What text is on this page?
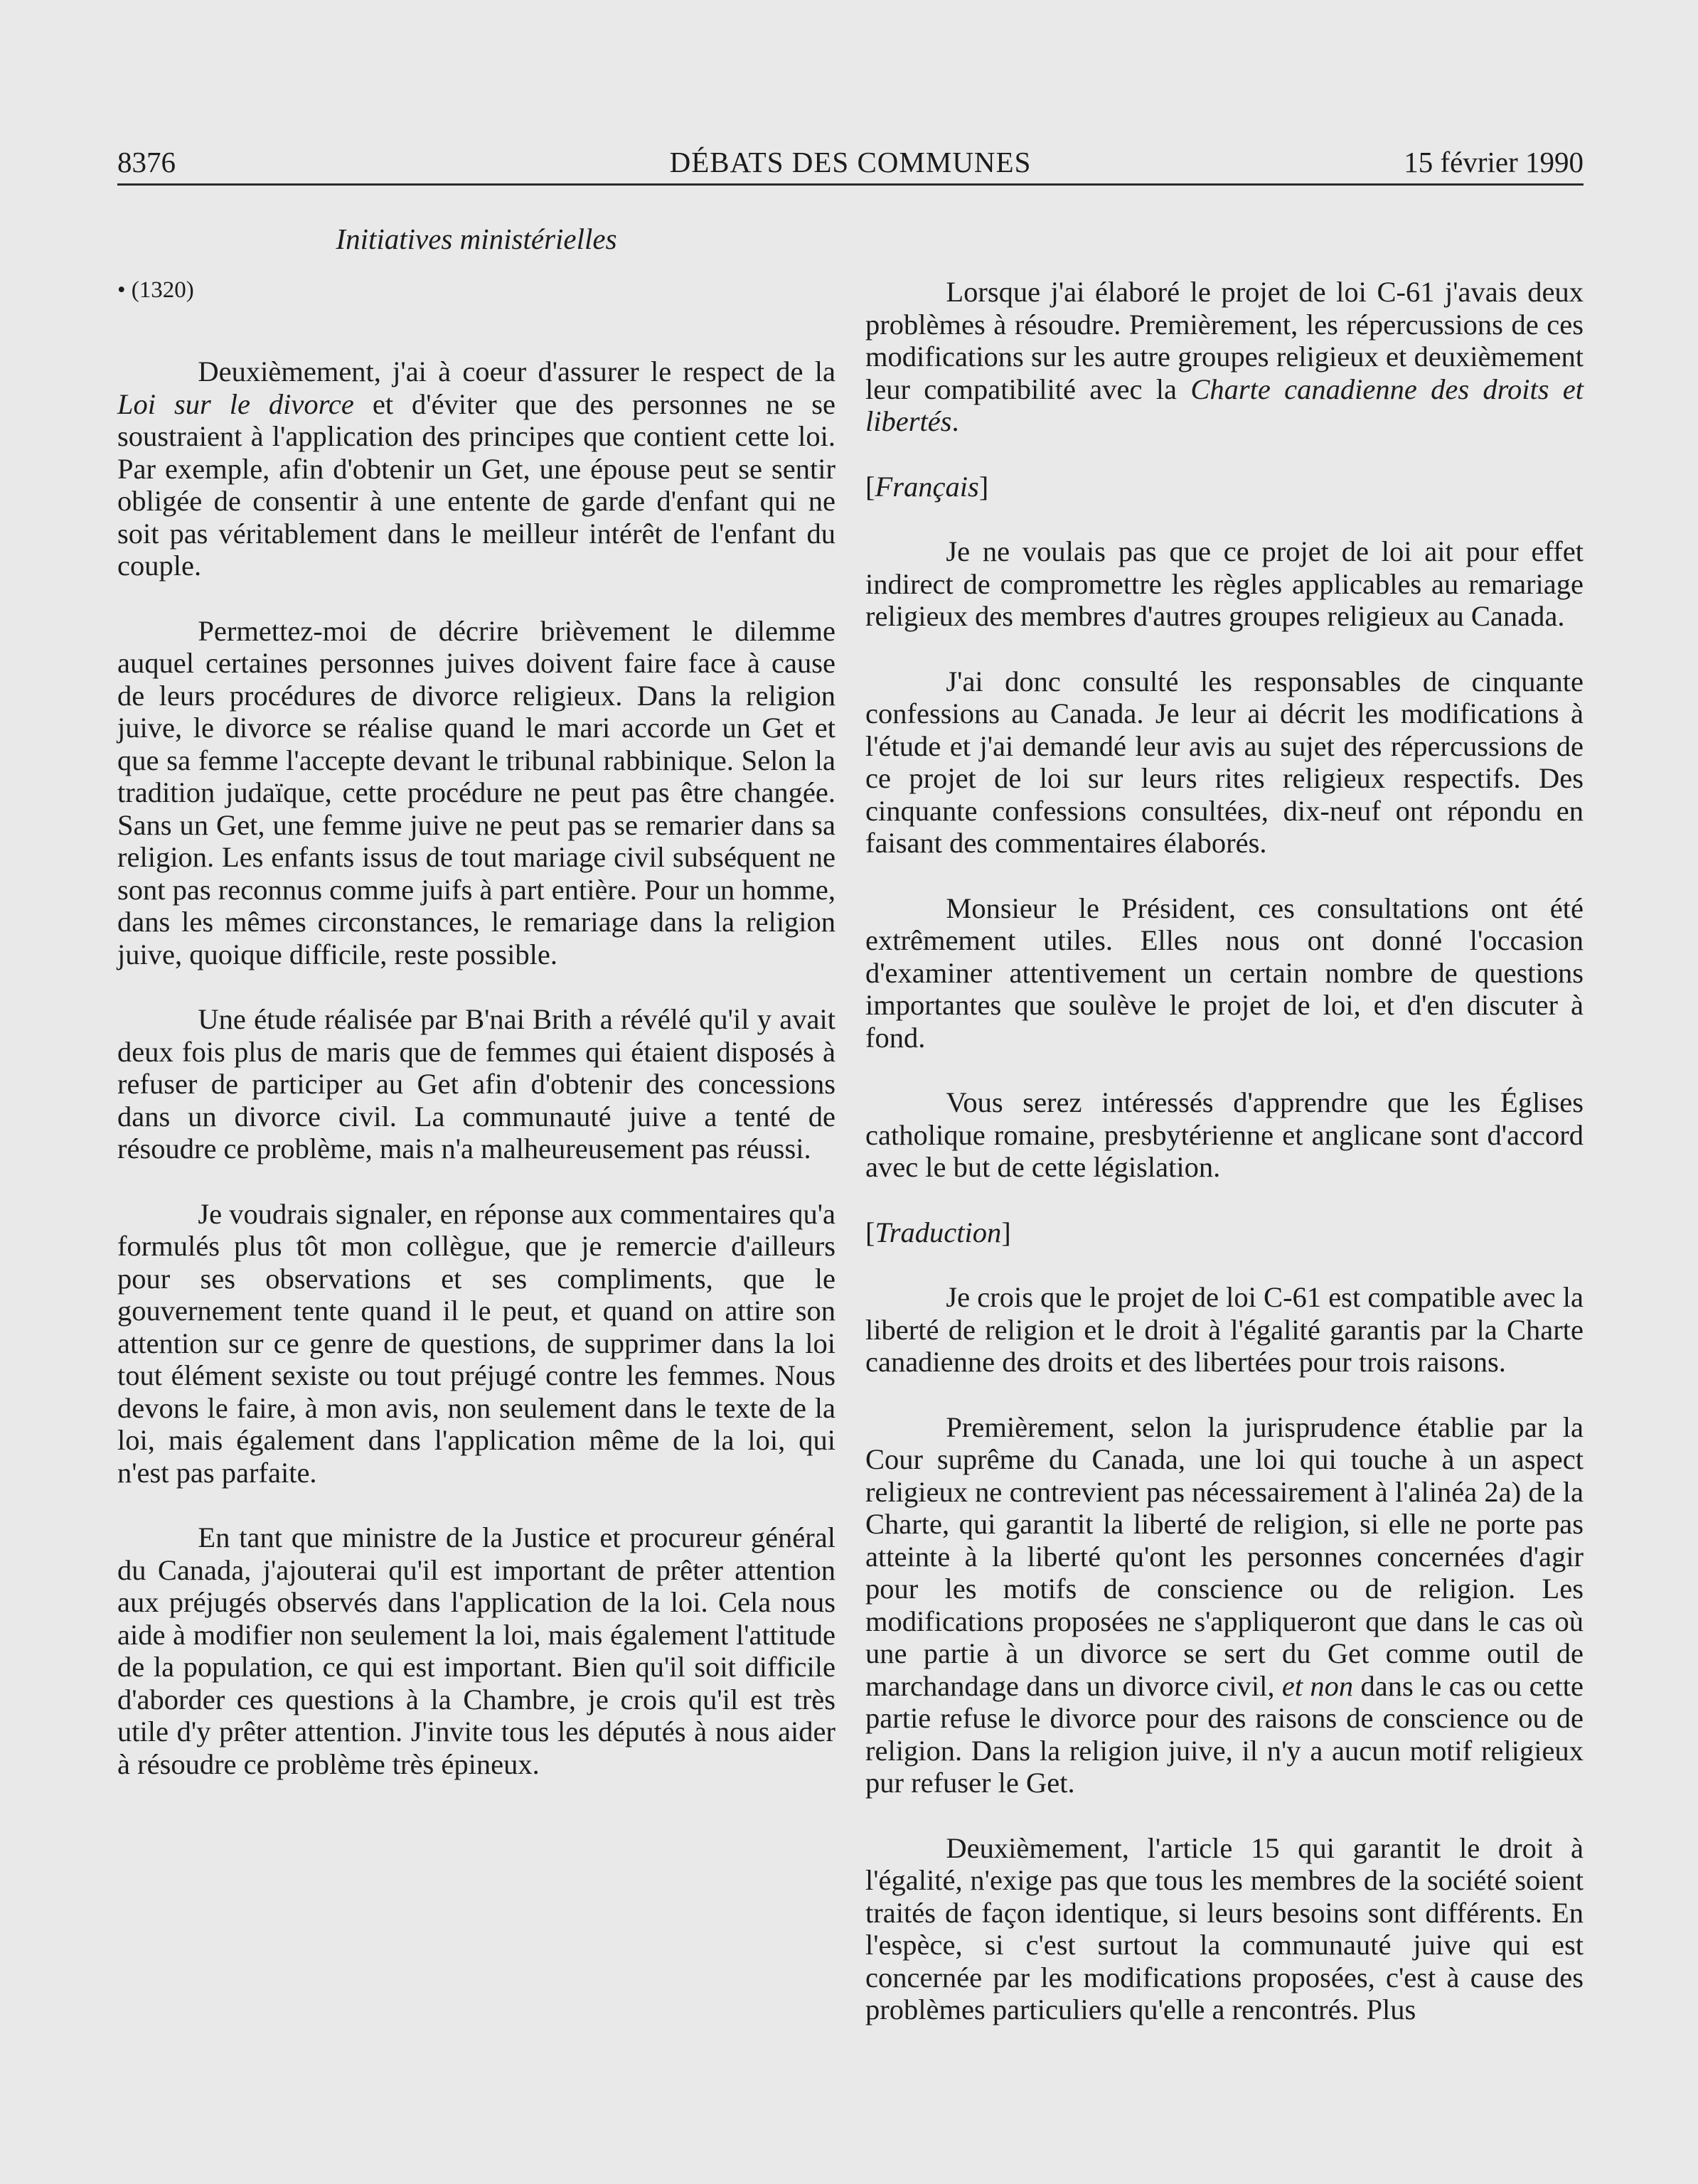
8376	DÉBATS DES COMMUNES	15 février 1990
Initiatives ministérielles

• (1320)

Deuxièmement, j'ai à coeur d'assurer le respect de la Loi sur le divorce et d'éviter que des personnes ne se soustraient à l'application des principes que contient cette loi. Par exemple, afin d'obtenir un Get, une épouse peut se sentir obligée de consentir à une entente de garde d'enfant qui ne soit pas véritablement dans le meilleur intérêt de l'enfant du couple.

Permettez-moi de décrire brièvement le dilemme auquel certaines personnes juives doivent faire face à cause de leurs procédures de divorce religieux. Dans la religion juive, le divorce se réalise quand le mari accorde un Get et que sa femme l'accepte devant le tribunal rabbinique. Selon la tradition judaïque, cette procédure ne peut pas être changée. Sans un Get, une femme juive ne peut pas se remarier dans sa religion. Les enfants issus de tout mariage civil subséquent ne sont pas reconnus comme juifs à part entière. Pour un homme, dans les mêmes circonstances, le remariage dans la religion juive, quoique difficile, reste possible.

Une étude réalisée par B'nai Brith a révélé qu'il y avait deux fois plus de maris que de femmes qui étaient disposés à refuser de participer au Get afin d'obtenir des concessions dans un divorce civil. La communauté juive a tenté de résoudre ce problème, mais n'a malheureusement pas réussi.

Je voudrais signaler, en réponse aux commentaires qu'a formulés plus tôt mon collègue, que je remercie d'ailleurs pour ses observations et ses compliments, que le gouvernement tente quand il le peut, et quand on attire son attention sur ce genre de questions, de supprimer dans la loi tout élément sexiste ou tout préjugé contre les femmes. Nous devons le faire, à mon avis, non seulement dans le texte de la loi, mais également dans l'application même de la loi, qui n'est pas parfaite.

En tant que ministre de la Justice et procureur général du Canada, j'ajouterai qu'il est important de prêter attention aux préjugés observés dans l'application de la loi. Cela nous aide à modifier non seulement la loi, mais également l'attitude de la population, ce qui est important. Bien qu'il soit difficile d'aborder ces questions à la Chambre, je crois qu'il est très utile d'y prêter attention. J'invite tous les députés à nous aider à résoudre ce problème très épineux.

Lorsque j'ai élaboré le projet de loi C-61 j'avais deux problèmes à résoudre. Premièrement, les répercussions de ces modifications sur les autre groupes religieux et deuxièmement leur compatibilité avec la Charte canadienne des droits et libertés.

[Français]

Je ne voulais pas que ce projet de loi ait pour effet indirect de compromettre les règles applicables au remariage religieux des membres d'autres groupes religieux au Canada.

J'ai donc consulté les responsables de cinquante confessions au Canada. Je leur ai décrit les modifications à l'étude et j'ai demandé leur avis au sujet des répercussions de ce projet de loi sur leurs rites religieux respectifs. Des cinquante confessions consultées, dix-neuf ont répondu en faisant des commentaires élaborés.

Monsieur le Président, ces consultations ont été extrêmement utiles. Elles nous ont donné l'occasion d'examiner attentivement un certain nombre de questions importantes que soulève le projet de loi, et d'en discuter à fond.

Vous serez intéressés d'apprendre que les Églises catholique romaine, presbytérienne et anglicane sont d'accord avec le but de cette législation.

[Traduction]

Je crois que le projet de loi C-61 est compatible avec la liberté de religion et le droit à l'égalité garantis par la Charte canadienne des droits et des libertées pour trois raisons.

Premièrement, selon la jurisprudence établie par la Cour suprême du Canada, une loi qui touche à un aspect religieux ne contrevient pas nécessairement à l'alinéa 2a) de la Charte, qui garantit la liberté de religion, si elle ne porte pas atteinte à la liberté qu'ont les personnes concernées d'agir pour les motifs de conscience ou de religion. Les modifications proposées ne s'appliqueront que dans le cas où une partie à un divorce se sert du Get comme outil de marchandage dans un divorce civil, et non dans le cas ou cette partie refuse le divorce pour des raisons de conscience ou de religion. Dans la religion juive, il n'y a aucun motif religieux pur refuser le Get.

Deuxièmement, l'article 15 qui garantit le droit à l'égalité, n'exige pas que tous les membres de la société soient traités de façon identique, si leurs besoins sont différents. En l'espèce, si c'est surtout la communauté juive qui est concernée par les modifications proposées, c'est à cause des problèmes particuliers qu'elle a rencontrés. Plus
